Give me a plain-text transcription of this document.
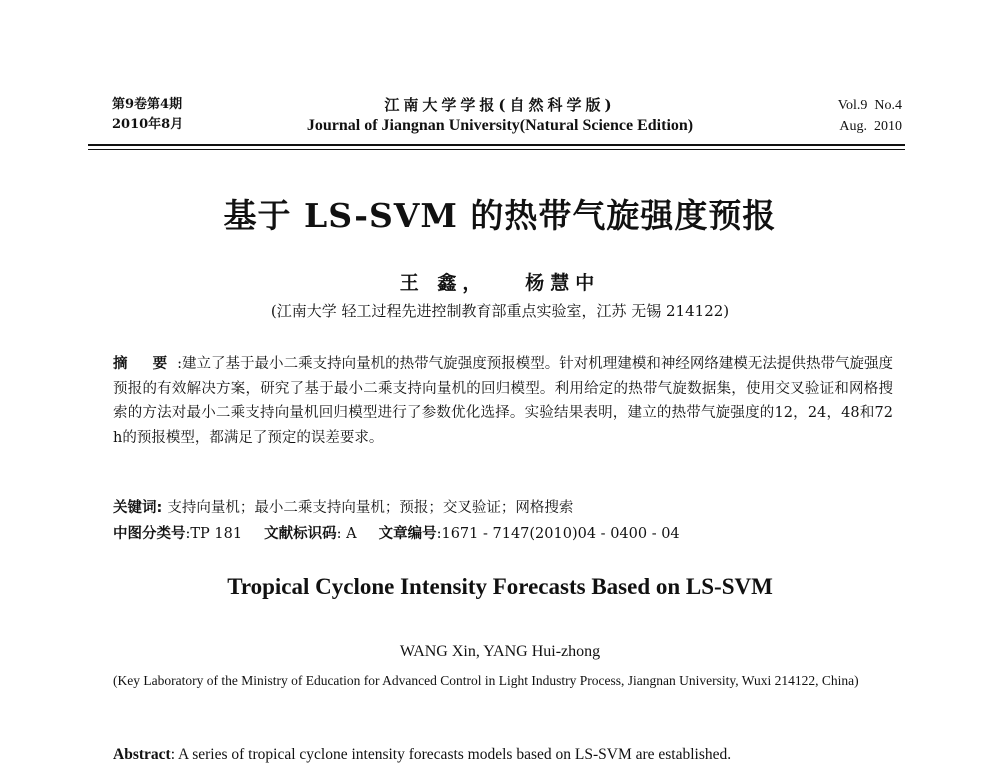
第9卷第4期
2010年8月
江南大学学报(自然科学版)
Journal of Jiangnan University(Natural Science Edition)
Vol.9  No.4
Aug.  2010
基于 LS-SVM 的热带气旋强度预报
王 鑫，   杨慧中
(江南大学 轻工过程先进控制教育部重点实验室，江苏 无锡 214122)
摘 要:建立了基于最小二乘支持向量机的热带气旋强度预报模型。针对机理建模和神经网络建模无法提供热带气旋强度预报的有效解决方案，研究了基于最小二乘支持向量机的回归模型。利用给定的热带气旋数据集，使用交叉验证和网格搜索的方法对最小二乘支持向量机回归模型进行了参数优化选择。实验结果表明，建立的热带气旋强度的12，24，48和72 h的预报模型，都满足了预定的误差要求。
关键词: 支持向量机；最小二乘支持向量机；预报；交叉验证；网格搜索
中图分类号:TP 181 文献标识码: A 文章编号:1671 - 7147(2010)04 - 0400 - 04
Tropical Cyclone Intensity Forecasts Based on LS-SVM
WANG Xin, YANG Hui-zhong
(Key Laboratory of the Ministry of Education for Advanced Control in Light Industry Process, Jiangnan University, Wuxi 214122, China)
Abstract: A series of tropical cyclone intensity forecasts models based on LS-SVM are established.
